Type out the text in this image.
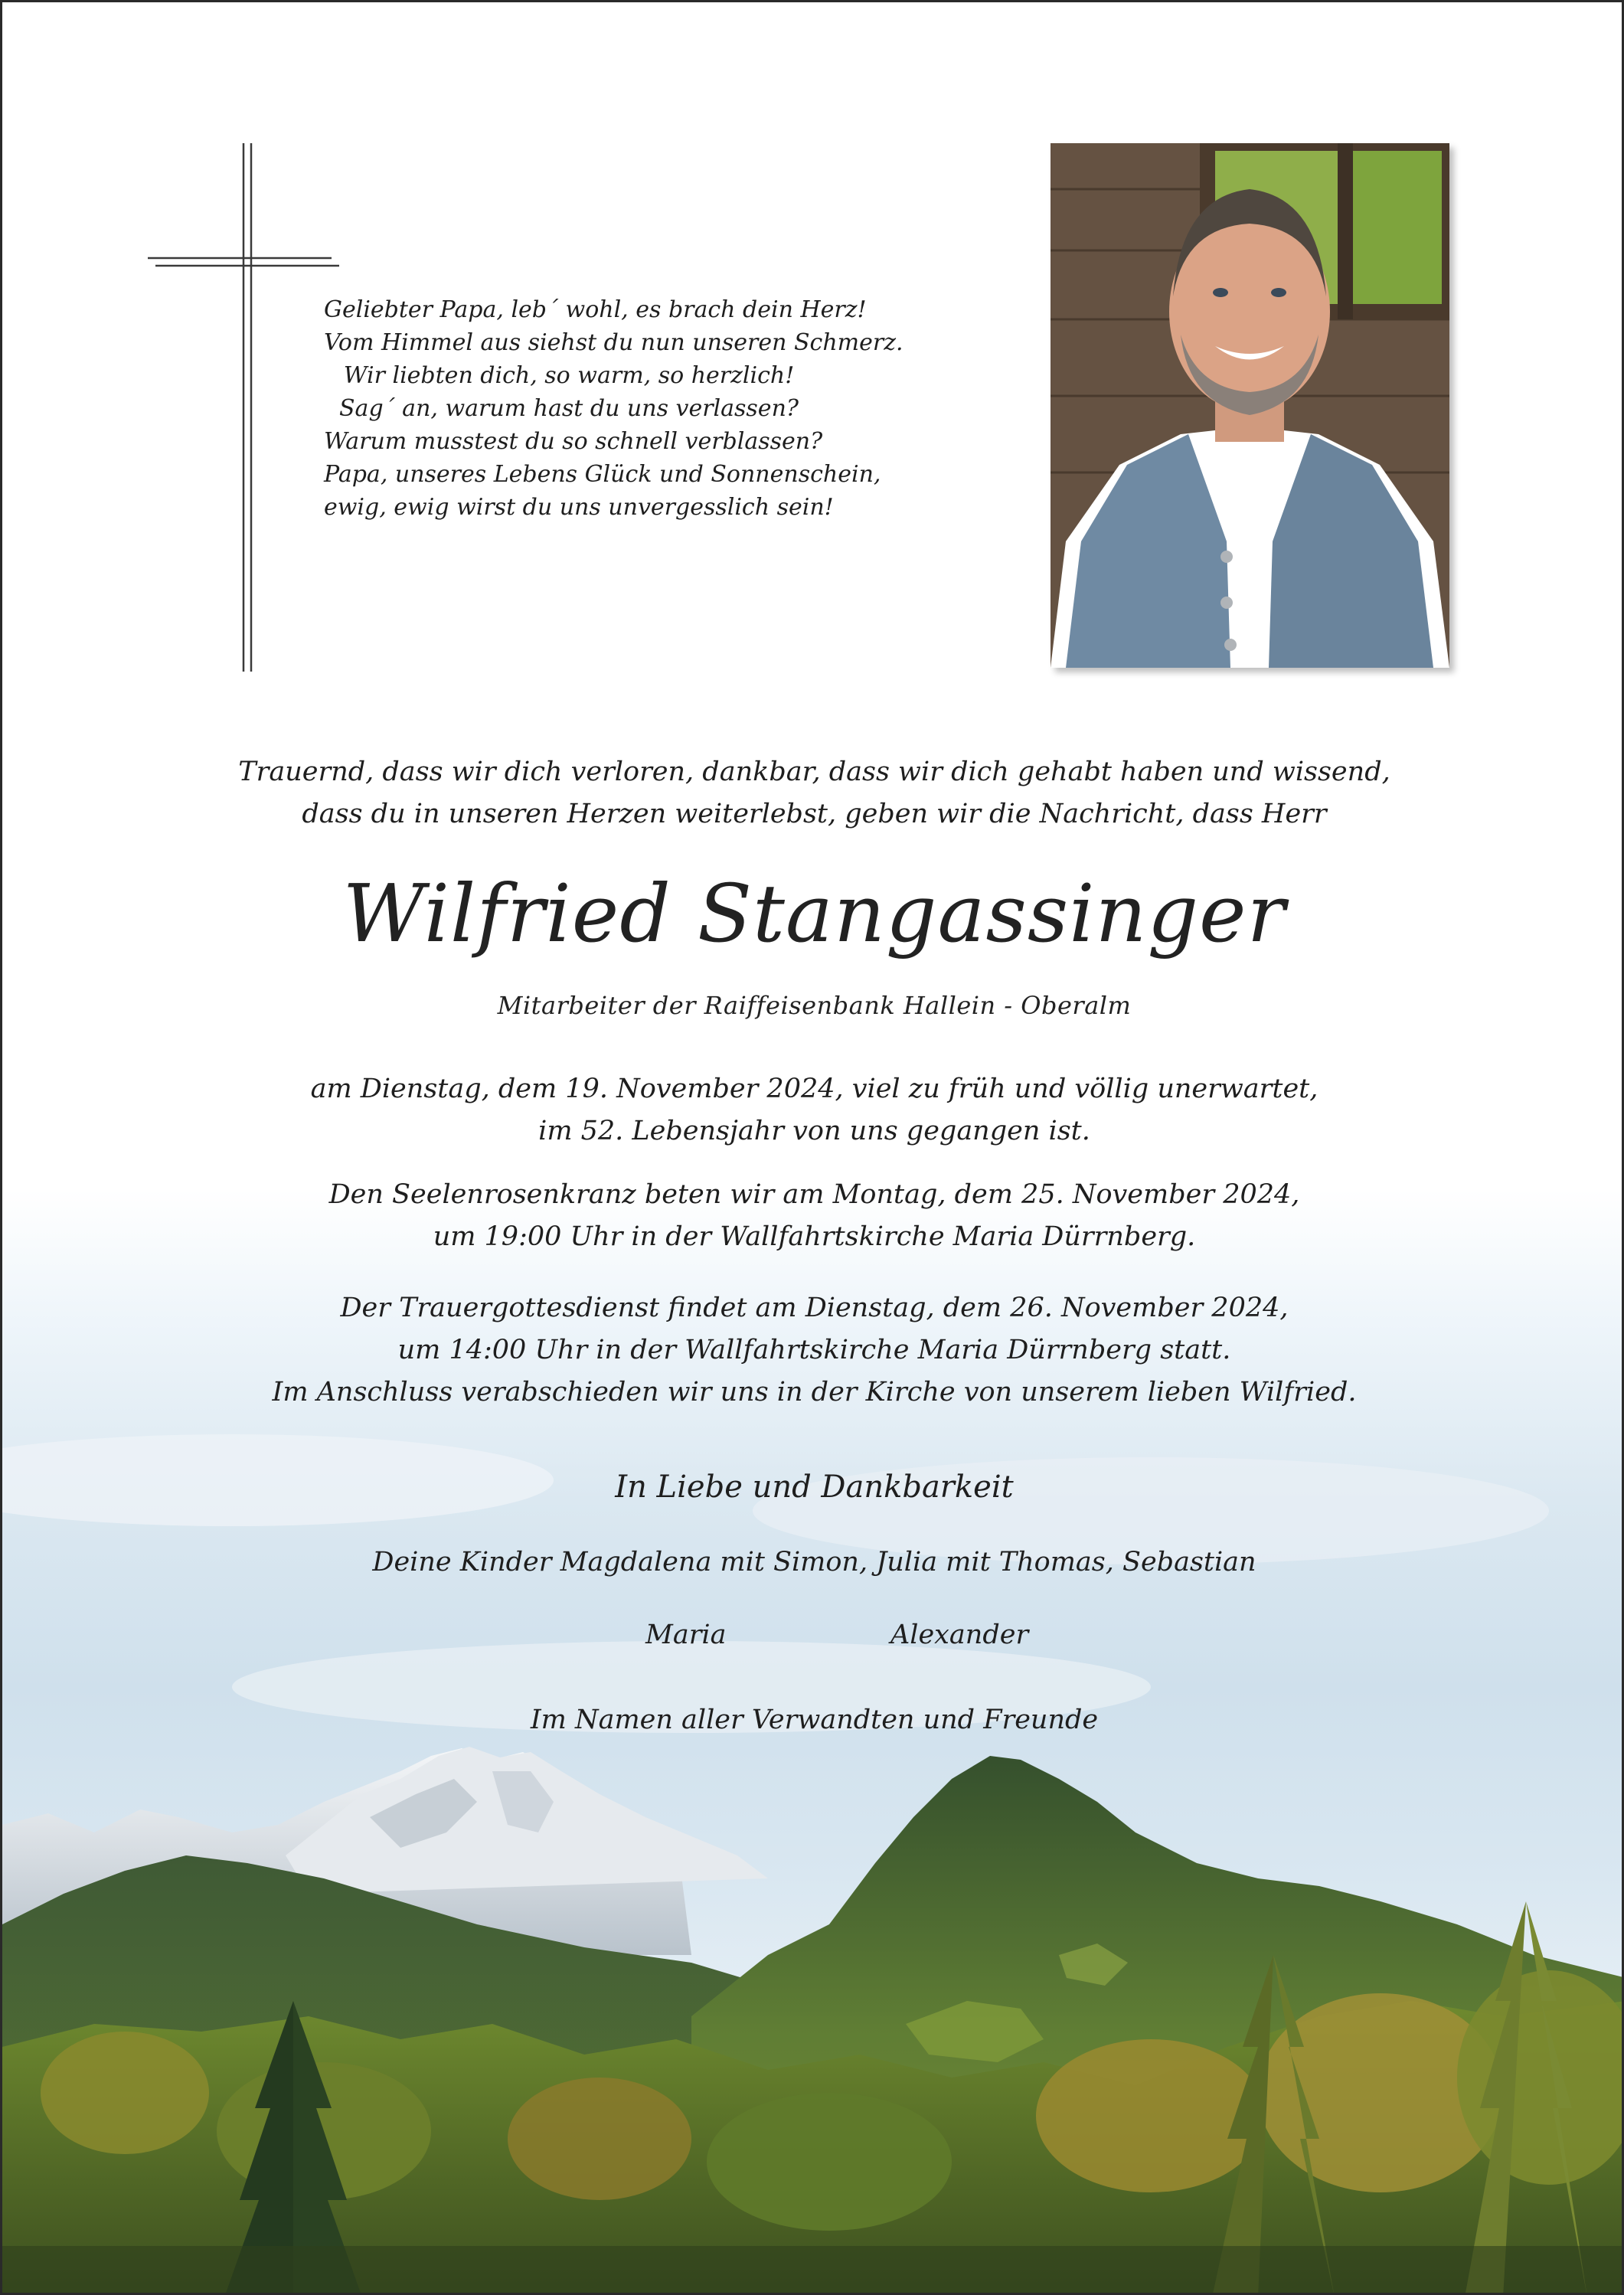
Geliebter Papa, leb´ wohl, es brach dein Herz!
Vom Himmel aus siehst du nun unseren Schmerz.
Wir liebten dich, so warm, so herzlich!
Sag´ an, warum hast du uns verlassen?
Warum musstest du so schnell verblassen?
Papa, unseres Lebens Glück und Sonnenschein,
ewig, ewig wirst du uns unvergesslich sein!
Trauernd, dass wir dich verloren, dankbar, dass wir dich gehabt haben und wissend,
dass du in unseren Herzen weiterlebst, geben wir die Nachricht, dass Herr
Wilfried Stangassinger
Mitarbeiter der Raiffeisenbank Hallein - Oberalm
am Dienstag, dem 19. November 2024, viel zu früh und völlig unerwartet,
im 52. Lebensjahr von uns gegangen ist.
Den Seelenrosenkranz beten wir am Montag, dem 25. November 2024,
um 19:00 Uhr in der Wallfahrtskirche Maria Dürrnberg.
Der Trauergottesdienst findet am Dienstag, dem 26. November 2024,
um 14:00 Uhr in der Wallfahrtskirche Maria Dürrnberg statt.
Im Anschluss verabschieden wir uns in der Kirche von unserem lieben Wilfried.
In Liebe und Dankbarkeit
Deine Kinder Magdalena mit Simon, Julia mit Thomas, Sebastian
Maria	Alexander
Im Namen aller Verwandten und Freunde
